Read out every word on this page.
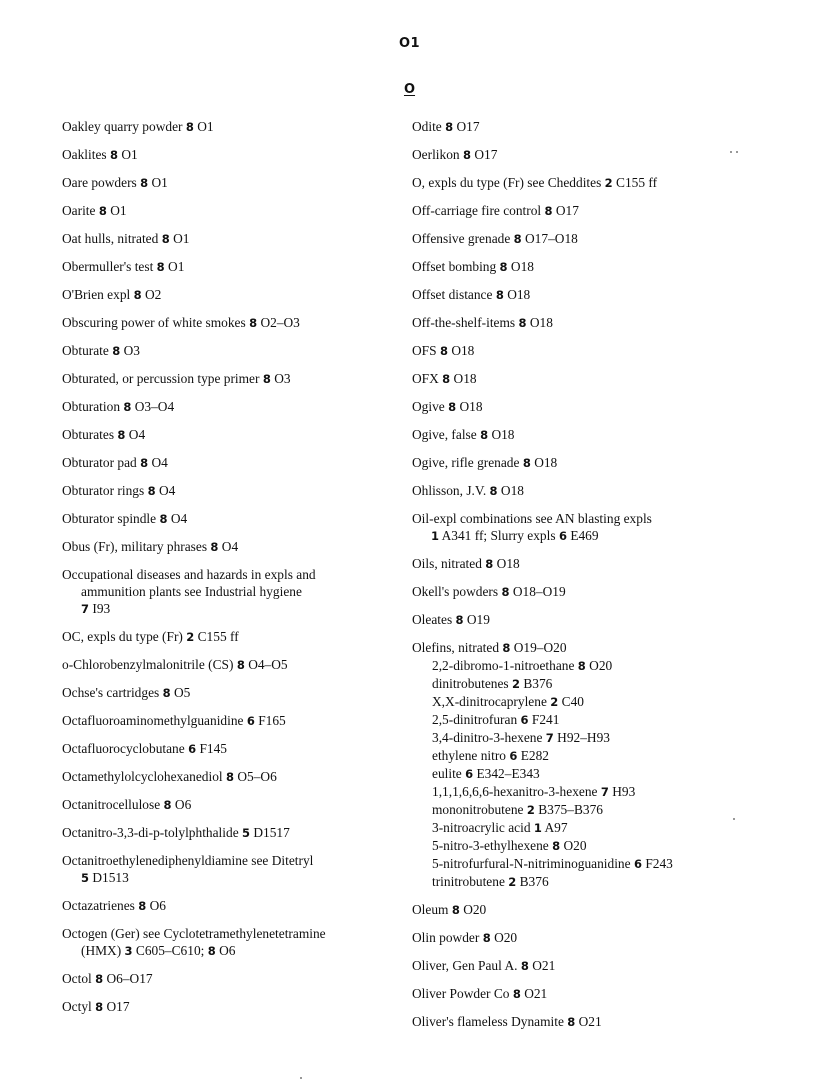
O1
O
Oakley quarry powder 8 O1
Oaklites 8 O1
Oare powders 8 O1
Oarite 8 O1
Oat hulls, nitrated 8 O1
Obermuller's test 8 O1
O'Brien expl 8 O2
Obscuring power of white smokes 8 O2–O3
Obturate 8 O3
Obturated, or percussion type primer 8 O3
Obturation 8 O3–O4
Obturates 8 O4
Obturator pad 8 O4
Obturator rings 8 O4
Obturator spindle 8 O4
Obus (Fr), military phrases 8 O4
Occupational diseases and hazards in expls and
ammunition plants see Industrial hygiene
7 I93
OC, expls du type (Fr) 2 C155 ff
o-Chlorobenzylmalonitrile (CS) 8 O4–O5
Ochse's cartridges 8 O5
Octafluoroaminomethylguanidine 6 F165
Octafluorocyclobutane 6 F145
Octamethylolcyclohexanediol 8 O5–O6
Octanitrocellulose 8 O6
Octanitro-3,3-di-p-tolylphthalide 5 D1517
Octanitroethylenediphenyldiamine see Ditetryl
5 D1513
Octazatrienes 8 O6
Octogen (Ger) see Cyclotetramethylenetetramine
(HMX) 3 C605–C610; 8 O6
Octol 8 O6–O17
Octyl 8 O17
Odite 8 O17
Oerlikon 8 O17
O, expls du type (Fr) see Cheddites 2 C155 ff
Off-carriage fire control 8 O17
Offensive grenade 8 O17–O18
Offset bombing 8 O18
Offset distance 8 O18
Off-the-shelf-items 8 O18
OFS 8 O18
OFX 8 O18
Ogive 8 O18
Ogive, false 8 O18
Ogive, rifle grenade 8 O18
Ohlisson, J.V. 8 O18
Oil-expl combinations see AN blasting expls
1 A341 ff; Slurry expls 6 E469
Oils, nitrated 8 O18
Okell's powders 8 O18–O19
Oleates 8 O19
Olefins, nitrated 8 O19–O20
2,2-dibromo-1-nitroethane 8 O20
dinitrobutenes 2 B376
X,X-dinitrocaprylene 2 C40
2,5-dinitrofuran 6 F241
3,4-dinitro-3-hexene 7 H92–H93
ethylene nitro 6 E282
eulite 6 E342–E343
1,1,1,6,6,6-hexanitro-3-hexene 7 H93
mononitrobutene 2 B375–B376
3-nitroacrylic acid 1 A97
5-nitro-3-ethylhexene 8 O20
5-nitrofurfural-N-nitriminoguanidine 6 F243
trinitrobutene 2 B376
Oleum 8 O20
Olin powder 8 O20
Oliver, Gen Paul A. 8 O21
Oliver Powder Co 8 O21
Oliver's flameless Dynamite 8 O21
